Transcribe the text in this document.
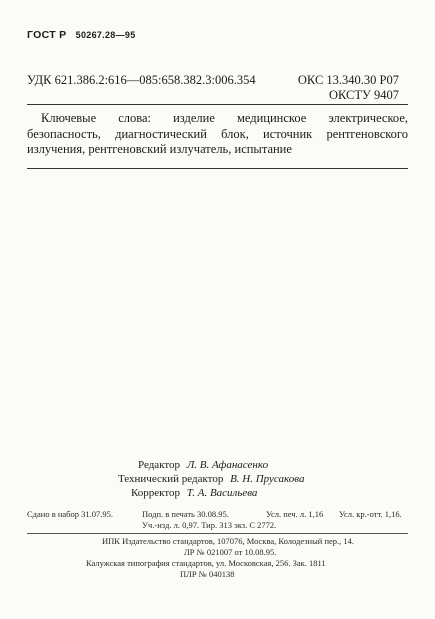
ГОСТ Р 50267.28—95
УДК 621.386.2:616—085:658.382.3:006.354	ОКС 13.340.30 Р07
ОКСТУ 9407
Ключевые слова: изделие медицинское электрическое, безопасность, диагностический блок, источник рентгеновского излучения, рентгеновский излучатель, испытание
Редактор Л. В. Афанасенко
Технический редактор В. Н. Прусакова
Корректор Т. А. Васильева
Сдано в набор 31.07.95.	Подп. в печать 30.08.95.	Усл. печ. л. 1,16 Усл. кр.-отт. 1,16.
Уч.-изд. л. 0,97. Тир. 313 экз. С 2772.
ИПК Издательство стандартов, 107076, Москва, Колодезный пер., 14.
ЛР № 021007 от 10.08.95.
Калужская типография стандартов, ул. Московская, 256. Зак. 1811
ПЛР № 040138
